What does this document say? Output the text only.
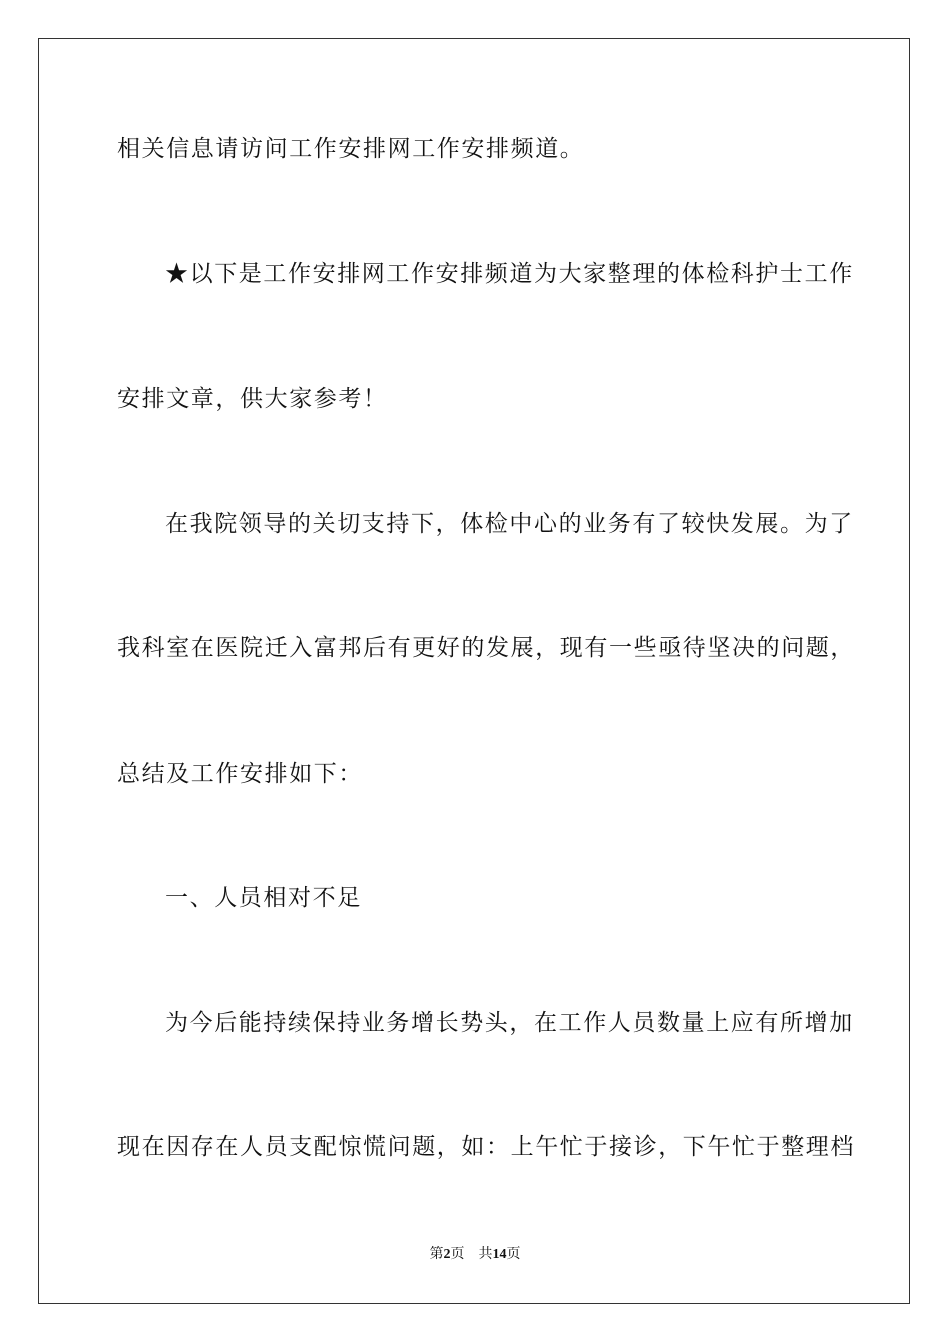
相关信息请访问工作安排网工作安排频道。
★以下是工作安排网工作安排频道为大家整理的体检科护士工作
安排文章，供大家参考！
在我院领导的关切支持下，体检中心的业务有了较快发展。为了
我科室在医院迁入富邦后有更好的发展，现有一些亟待坚决的问题，
总结及工作安排如下：
一、人员相对不足
为今后能持续保持业务增长势头，在工作人员数量上应有所增加
现在因存在人员支配惊慌问题，如：上午忙于接诊，下午忙于整理档
第2页 共14页
